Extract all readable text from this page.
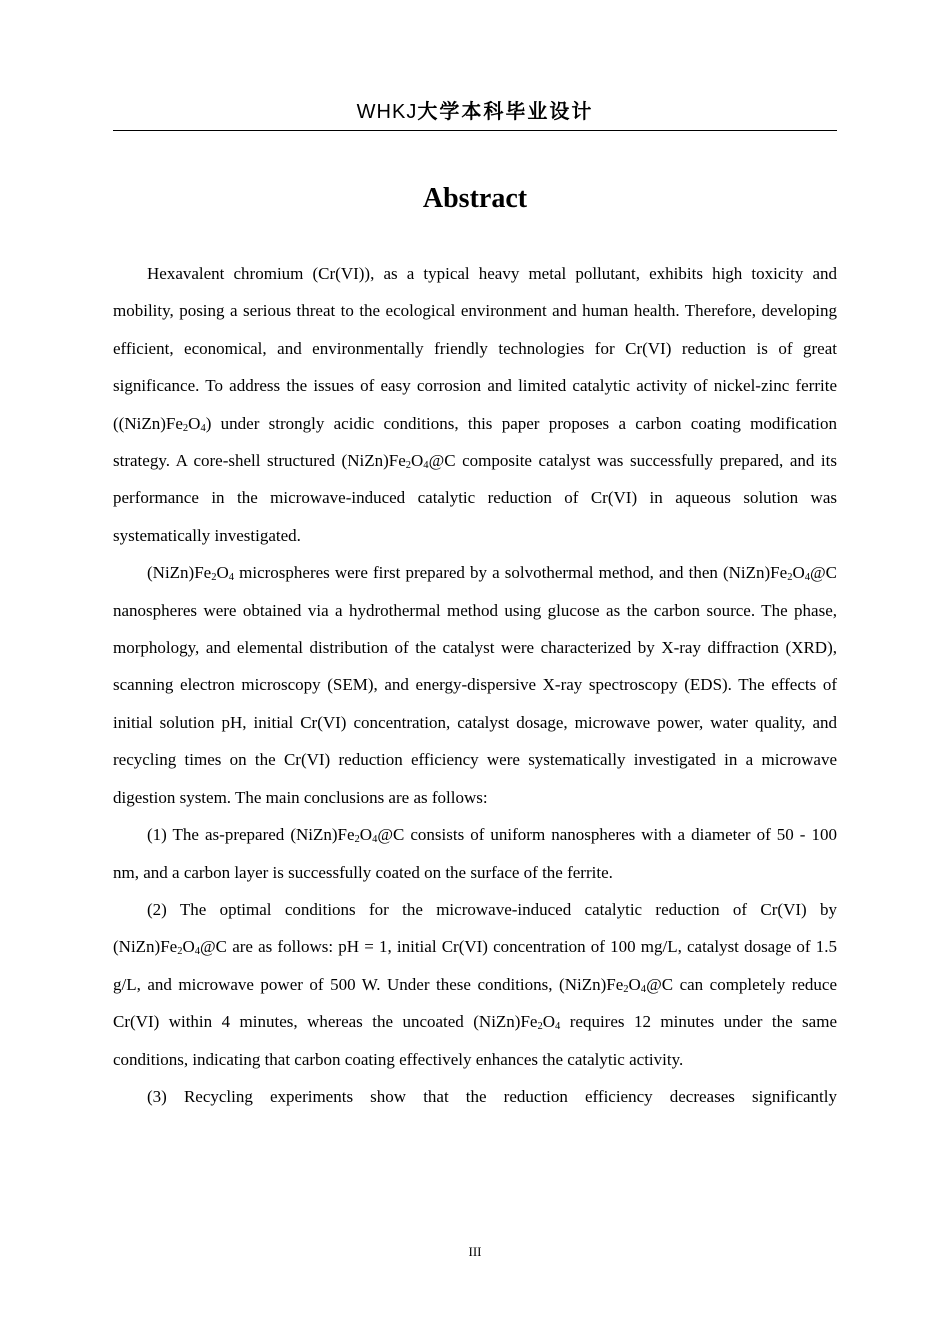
WHKJ大学本科毕业设计
Abstract

Hexavalent chromium (Cr(VI)), as a typical heavy metal pollutant, exhibits high toxicity and mobility, posing a serious threat to the ecological environment and human health. Therefore, developing efficient, economical, and environmentally friendly technologies for Cr(VI) reduction is of great significance. To address the issues of easy corrosion and limited catalytic activity of nickel-zinc ferrite $((NiZn)Fe_2O_4)$ under strongly acidic conditions, this paper proposes a carbon coating modification strategy. A core-shell structured $(NiZn)Fe_2O_4@C$ composite catalyst was successfully prepared, and its performance in the microwave-induced catalytic reduction of Cr(VI) in aqueous solution was systematically investigated.

$(NiZn)Fe_2O_4$ microspheres were first prepared by a solvothermal method, and then $(NiZn)Fe_2O_4@C$ nanospheres were obtained via a hydrothermal method using glucose as the carbon source. The phase, morphology, and elemental distribution of the catalyst were characterized by X-ray diffraction (XRD), scanning electron microscopy (SEM), and energy-dispersive X-ray spectroscopy (EDS). The effects of initial solution pH, initial Cr(VI) concentration, catalyst dosage, microwave power, water quality, and recycling times on the Cr(VI) reduction efficiency were systematically investigated in a microwave digestion system. The main conclusions are as follows:

(1) The as-prepared $(NiZn)Fe_2O_4@C$ consists of uniform nanospheres with a diameter of 50 - 100 nm, and a carbon layer is successfully coated on the surface of the ferrite.

(2) The optimal conditions for the microwave-induced catalytic reduction of Cr(VI) by $(NiZn)Fe_2O_4@C$ are as follows: pH = 1, initial Cr(VI) concentration of 100 mg/L, catalyst dosage of 1.5 g/L, and microwave power of 500 W. Under these conditions, $(NiZn)Fe_2O_4@C$ can completely reduce Cr(VI) within 4 minutes, whereas the uncoated $(NiZn)Fe_2O_4$ requires 12 minutes under the same conditions, indicating that carbon coating effectively enhances the catalytic activity.

(3) Recycling experiments show that the reduction efficiency decreases significantly

III
